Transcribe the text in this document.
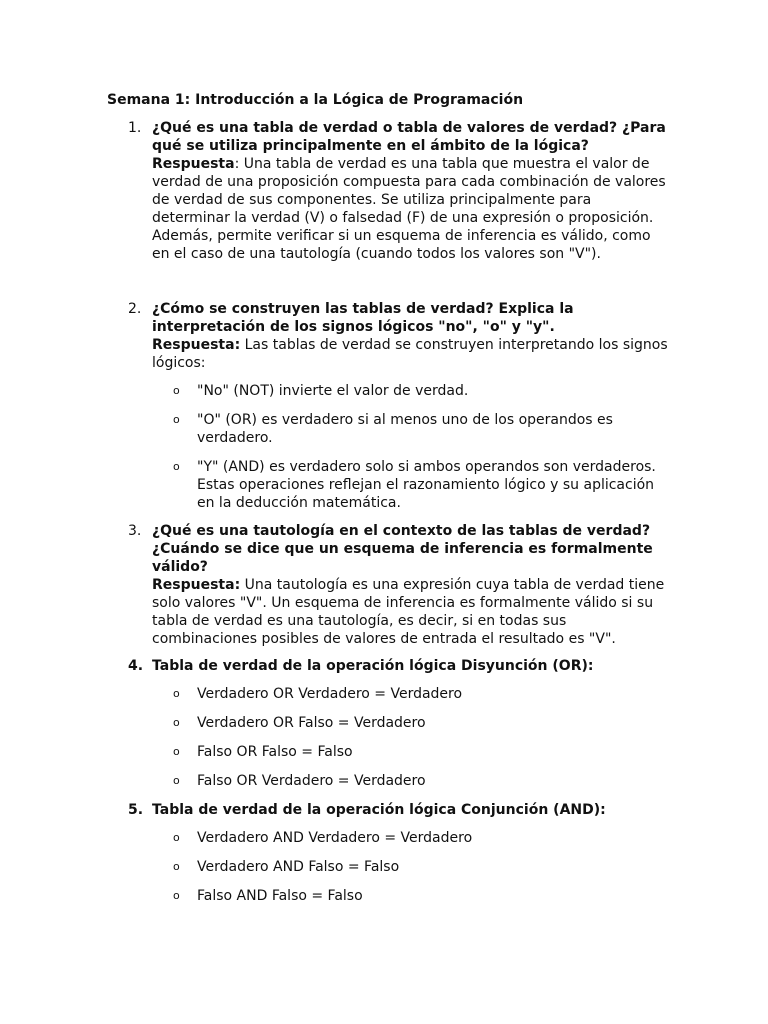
Semana 1: Introducción a la Lógica de Programación
1. ¿Qué es una tabla de verdad o tabla de valores de verdad? ¿Para qué se utiliza principalmente en el ámbito de la lógica?

Respuesta: Una tabla de verdad es una tabla que muestra el valor de verdad de una proposición compuesta para cada combinación de valores de verdad de sus componentes. Se utiliza principalmente para determinar la verdad (V) o falsedad (F) de una expresión o proposición. Además, permite verificar si un esquema de inferencia es válido, como en el caso de una tautología (cuando todos los valores son "V").

2. ¿Cómo se construyen las tablas de verdad? Explica la interpretación de los signos lógicos "no", "o" y "y".

Respuesta: Las tablas de verdad se construyen interpretando los signos lógicos:

o "No" (NOT) invierte el valor de verdad.
o "O" (OR) es verdadero si al menos uno de los operandos es verdadero.
o "Y" (AND) es verdadero solo si ambos operandos son verdaderos. Estas operaciones reflejan el razonamiento lógico y su aplicación en la deducción matemática.
3. ¿Qué es una tautología en el contexto de las tablas de verdad? ¿Cuándo se dice que un esquema de inferencia es formalmente válido?

Respuesta: Una tautología es una expresión cuya tabla de verdad tiene solo valores "V". Un esquema de inferencia es formalmente válido si su tabla de verdad es una tautología, es decir, si en todas sus combinaciones posibles de valores de entrada el resultado es "V".

4. Tabla de verdad de la operación lógica Disyunción (OR):

o Verdadero OR Verdadero = Verdadero
o Verdadero OR Falso = Verdadero
o Falso OR Falso = Falso
o Falso OR Verdadero = Verdadero
5. Tabla de verdad de la operación lógica Conjunción (AND):

o Verdadero AND Verdadero = Verdadero
o Verdadero AND Falso = Falso
o Falso AND Falso = Falso
